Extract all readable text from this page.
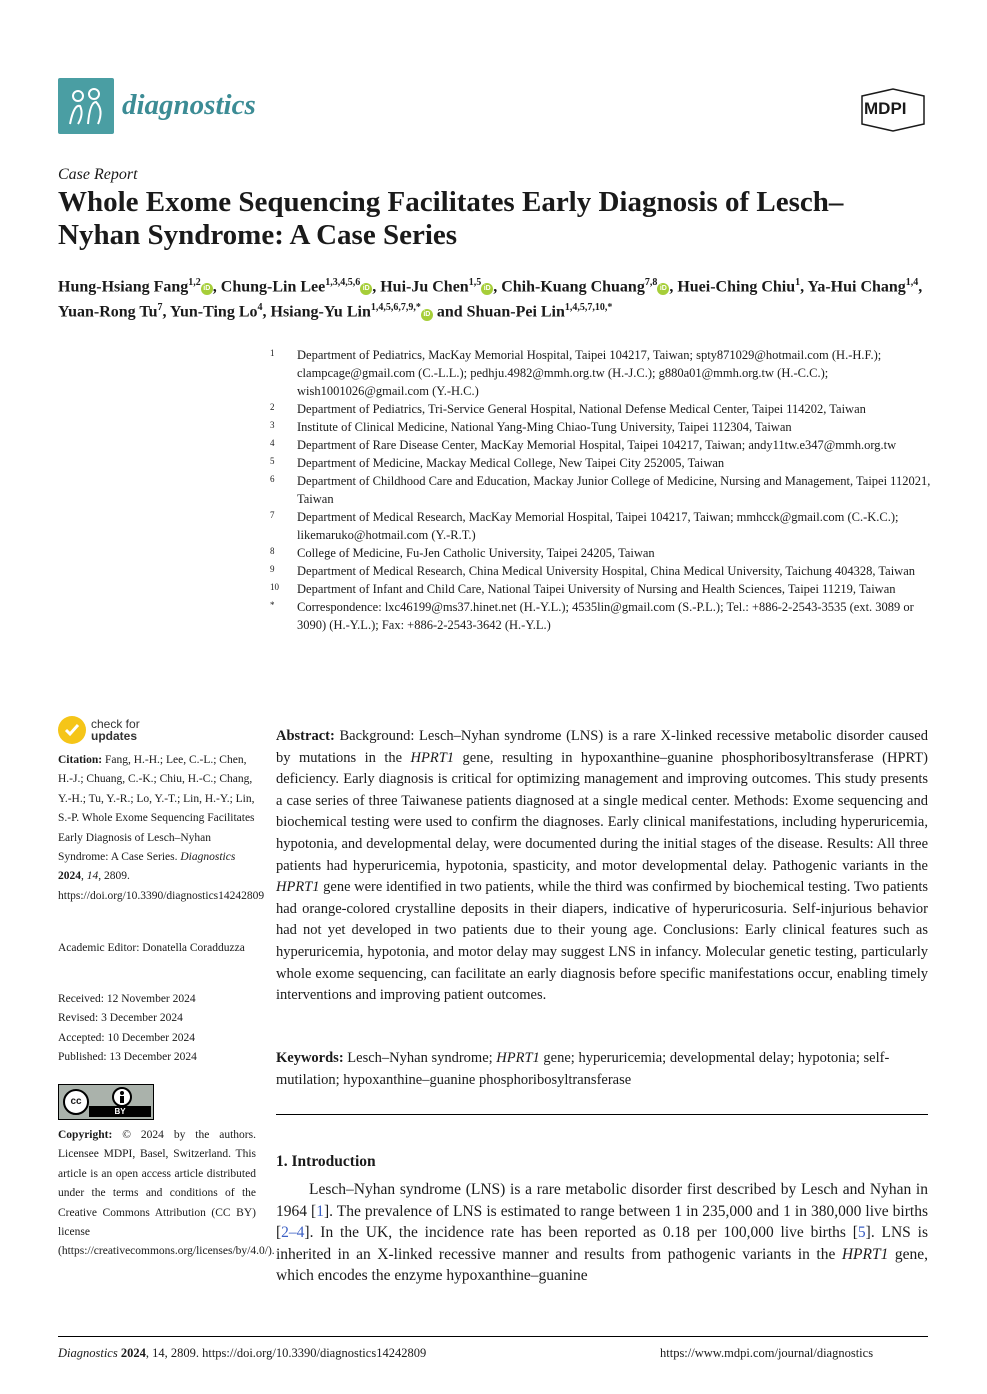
diagnostics	MDPI
Case Report
Whole Exome Sequencing Facilitates Early Diagnosis of Lesch–Nyhan Syndrome: A Case Series
Hung-Hsiang Fang$^{1,2}$iD , Chung-Lin Lee$^{1,3,4,5,6}$iD , Hui-Ju Chen$^{1,5}$iD , Chih-Kuang Chuang$^{7,8}$iD , Huei-Ching Chiu$^1$, Ya-Hui Chang$^{1,4}$, Yuan-Rong Tu$^7$, Yun-Ting Lo$^4$, Hsiang-Yu Lin$^{1,4,5,6,7,9,*}$iD and Shuan-Pei Lin$^{1,4,5,7,10,*}$
1	Department of Pediatrics, MacKay Memorial Hospital, Taipei 104217, Taiwan; spty871029@hotmail.com (H.-H.F.); clampcage@gmail.com (C.-L.L.); pedhju.4982@mmh.org.tw (H.-J.C.); g880a01@mmh.org.tw (H.-C.C.); wish1001026@gmail.com (Y.-H.C.)
2	Department of Pediatrics, Tri-Service General Hospital, National Defense Medical Center, Taipei 114202, Taiwan
3	Institute of Clinical Medicine, National Yang-Ming Chiao-Tung University, Taipei 112304, Taiwan
4	Department of Rare Disease Center, MacKay Memorial Hospital, Taipei 104217, Taiwan; andy11tw.e347@mmh.org.tw
5	Department of Medicine, Mackay Medical College, New Taipei City 252005, Taiwan
6	Department of Childhood Care and Education, Mackay Junior College of Medicine, Nursing and Management, Taipei 112021, Taiwan
7	Department of Medical Research, MacKay Memorial Hospital, Taipei 104217, Taiwan; mmhcck@gmail.com (C.-K.C.); likemaruko@hotmail.com (Y.-R.T.)
8	College of Medicine, Fu-Jen Catholic University, Taipei 24205, Taiwan
9	Department of Medical Research, China Medical University Hospital, China Medical University, Taichung 404328, Taiwan
10	Department of Infant and Child Care, National Taipei University of Nursing and Health Sciences, Taipei 11219, Taiwan
*	Correspondence: lxc46199@ms37.hinet.net (H.-Y.L.); 4535lin@gmail.com (S.-P.L.); Tel.: +886-2-2543-3535 (ext. 3089 or 3090) (H.-Y.L.); Fax: +886-2-2543-3642 (H.-Y.L.)
check for
updates
Citation: Fang, H.-H.; Lee, C.-L.; Chen, H.-J.; Chuang, C.-K.; Chiu, H.-C.; Chang, Y.-H.; Tu, Y.-R.; Lo, Y.-T.; Lin, H.-Y.; Lin, S.-P. Whole Exome Sequencing Facilitates Early Diagnosis of Lesch–Nyhan Syndrome: A Case Series. Diagnostics 2024, 14, 2809. https://doi.org/10.3390/diagnostics14242809
Academic Editor: Donatella Coradduzza
Received: 12 November 2024
Revised: 3 December 2024
Accepted: 10 December 2024
Published: 13 December 2024
cc
BY
Copyright: © 2024 by the authors. Licensee MDPI, Basel, Switzerland. This article is an open access article distributed under the terms and conditions of the Creative Commons Attribution (CC BY) license (https://creativecommons.org/licenses/by/4.0/).
Abstract: Background: Lesch–Nyhan syndrome (LNS) is a rare X-linked recessive metabolic disorder caused by mutations in the HPRT1 gene, resulting in hypoxanthine–guanine phosphoribosyltransferase (HPRT) deficiency. Early diagnosis is critical for optimizing management and improving outcomes. This study presents a case series of three Taiwanese patients diagnosed at a single medical center. Methods: Exome sequencing and biochemical testing were used to confirm the diagnoses. Early clinical manifestations, including hyperuricemia, hypotonia, and developmental delay, were documented during the initial stages of the disease. Results: All three patients had hyperuricemia, hypotonia, spasticity, and motor developmental delay. Pathogenic variants in the HPRT1 gene were identified in two patients, while the third was confirmed by biochemical testing. Two patients had orange-colored crystalline deposits in their diapers, indicative of hyperuricosuria. Self-injurious behavior had not yet developed in two patients due to their young age. Conclusions: Early clinical features such as hyperuricemia, hypotonia, and motor delay may suggest LNS in infancy. Molecular genetic testing, particularly whole exome sequencing, can facilitate an early diagnosis before specific manifestations occur, enabling timely interventions and improving patient outcomes.
Keywords: Lesch–Nyhan syndrome; HPRT1 gene; hyperuricemia; developmental delay; hypotonia; self-mutilation; hypoxanthine–guanine phosphoribosyltransferase
1. Introduction
Lesch–Nyhan syndrome (LNS) is a rare metabolic disorder first described by Lesch and Nyhan in 1964 [1]. The prevalence of LNS is estimated to range between 1 in 235,000 and 1 in 380,000 live births [2–4]. In the UK, the incidence rate has been reported as 0.18 per 100,000 live births [5]. LNS is inherited in an X-linked recessive manner and results from pathogenic variants in the HPRT1 gene, which encodes the enzyme hypoxanthine–guanine
Diagnostics 2024, 14, 2809. https://doi.org/10.3390/diagnostics14242809	https://www.mdpi.com/journal/diagnostics
